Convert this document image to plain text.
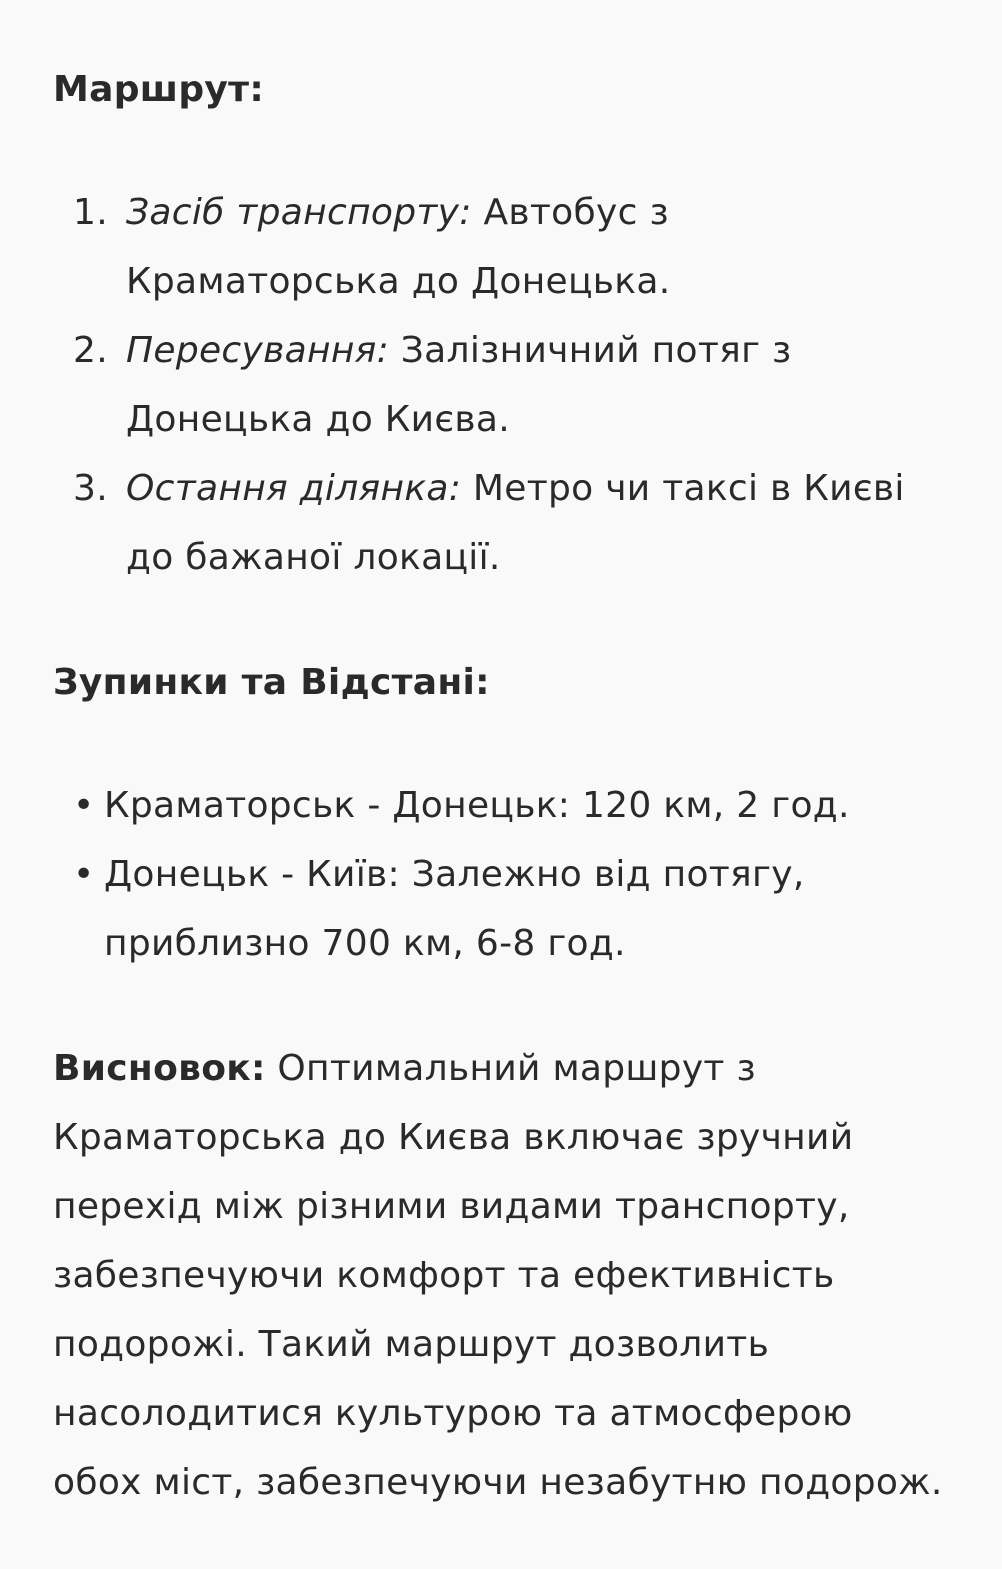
Маршрут:

1. Засіб транспорту: Автобус з Краматорська до Донецька.
2. Пересування: Залізничний потяг з Донецька до Києва.
3. Остання ділянка: Метро чи таксі в Києві до бажаної локації.

Зупинки та Відстані:

• Краматорськ - Донецьк: 120 км, 2 год.
• Донецьк - Київ: Залежно від потягу, приблизно 700 км, 6-8 год.

Висновок: Оптимальний маршрут з Краматорська до Києва включає зручний перехід між різними видами транспорту, забезпечуючи комфорт та ефективність подорожі. Такий маршрут дозволить насолодитися культурою та атмосферою обох міст, забезпечуючи незабутню подорож.
